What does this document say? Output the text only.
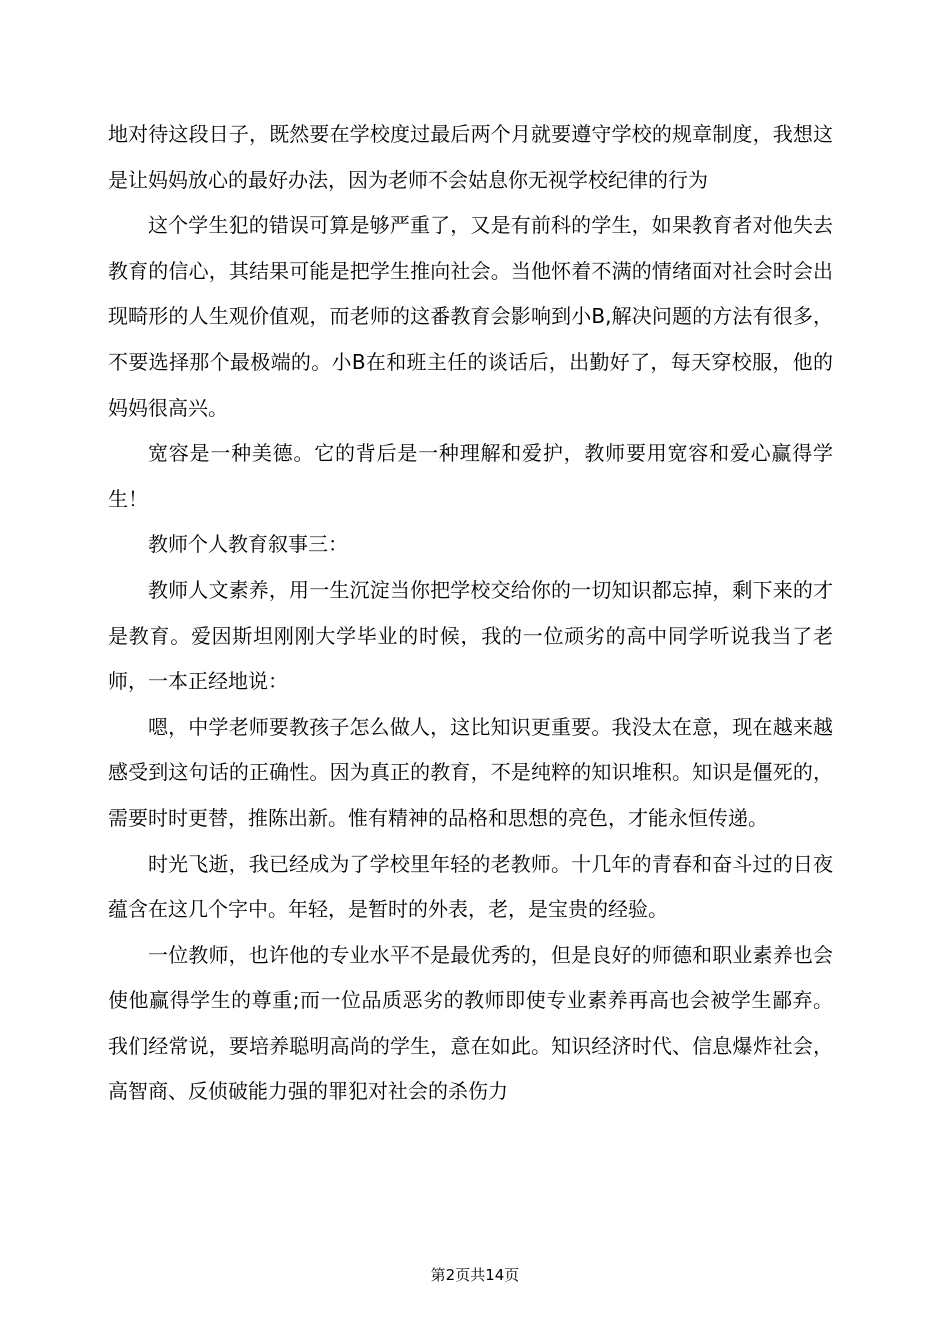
地对待这段日子，既然要在学校度过最后两个月就要遵守学校的规章制度，我想这是让妈妈放心的最好办法，因为老师不会姑息你无视学校纪律的行为

这个学生犯的错误可算是够严重了，又是有前科的学生，如果教育者对他失去教育的信心，其结果可能是把学生推向社会。当他怀着不满的情绪面对社会时会出现畸形的人生观价值观，而老师的这番教育会影响到小B,解决问题的方法有很多，不要选择那个最极端的。小B在和班主任的谈话后，出勤好了，每天穿校服，他的妈妈很高兴。

宽容是一种美德。它的背后是一种理解和爱护，教师要用宽容和爱心赢得学生！

教师个人教育叙事三：

教师人文素养，用一生沉淀当你把学校交给你的一切知识都忘掉，剩下来的才是教育。爱因斯坦刚刚大学毕业的时候，我的一位顽劣的高中同学听说我当了老师，一本正经地说：

嗯，中学老师要教孩子怎么做人，这比知识更重要。我没太在意，现在越来越感受到这句话的正确性。因为真正的教育，不是纯粹的知识堆积。知识是僵死的，需要时时更替，推陈出新。惟有精神的品格和思想的亮色，才能永恒传递。

时光飞逝，我已经成为了学校里年轻的老教师。十几年的青春和奋斗过的日夜蕴含在这几个字中。年轻，是暂时的外表，老，是宝贵的经验。

一位教师，也许他的专业水平不是最优秀的，但是良好的师德和职业素养也会使他赢得学生的尊重;而一位品质恶劣的教师即使专业素养再高也会被学生鄙弃。我们经常说，要培养聪明高尚的学生，意在如此。知识经济时代、信息爆炸社会，高智商、反侦破能力强的罪犯对社会的杀伤力

第2页共14页
